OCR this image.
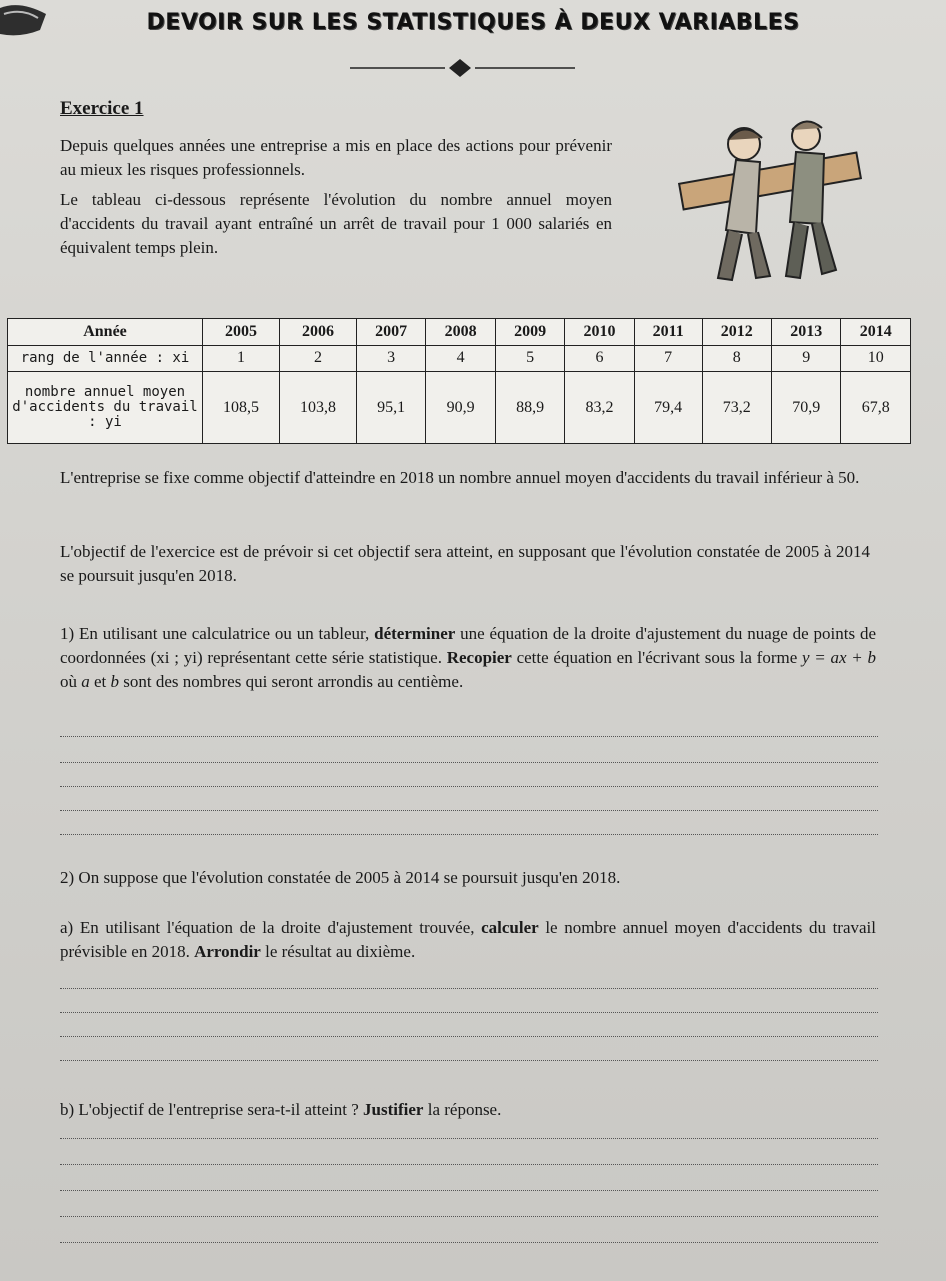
DEVOIR SUR LES STATISTIQUES À DEUX VARIABLES
Exercice 1
Depuis quelques années une entreprise a mis en place des actions pour prévenir au mieux les risques professionnels.
Le tableau ci-dessous représente l'évolution du nombre annuel moyen d'accidents du travail ayant entraîné un arrêt de travail pour 1 000 salariés en équivalent temps plein.
Année	2005	2006	2007	2008	2009	2010	2011	2012	2013	2014
rang de l'année : xi	1	2	3	4	5	6	7	8	9	10
nombre annuel moyen d'accidents du travail : yi	108,5	103,8	95,1	90,9	88,9	83,2	79,4	73,2	70,9	67,8
L'entreprise se fixe comme objectif d'atteindre en 2018 un nombre annuel moyen d'accidents du travail inférieur à 50.
L'objectif de l'exercice est de prévoir si cet objectif sera atteint, en supposant que l'évolution constatée de 2005 à 2014 se poursuit jusqu'en 2018.
1) En utilisant une calculatrice ou un tableur, déterminer une équation de la droite d'ajustement du nuage de points de coordonnées (xi ; yi) représentant cette série statistique. Recopier cette équation en l'écrivant sous la forme y = ax + b où a et b sont des nombres qui seront arrondis au centième.
2) On suppose que l'évolution constatée de 2005 à 2014 se poursuit jusqu'en 2018.
a) En utilisant l'équation de la droite d'ajustement trouvée, calculer le nombre annuel moyen d'accidents du travail prévisible en 2018. Arrondir le résultat au dixième.
b) L'objectif de l'entreprise sera-t-il atteint ? Justifier la réponse.
